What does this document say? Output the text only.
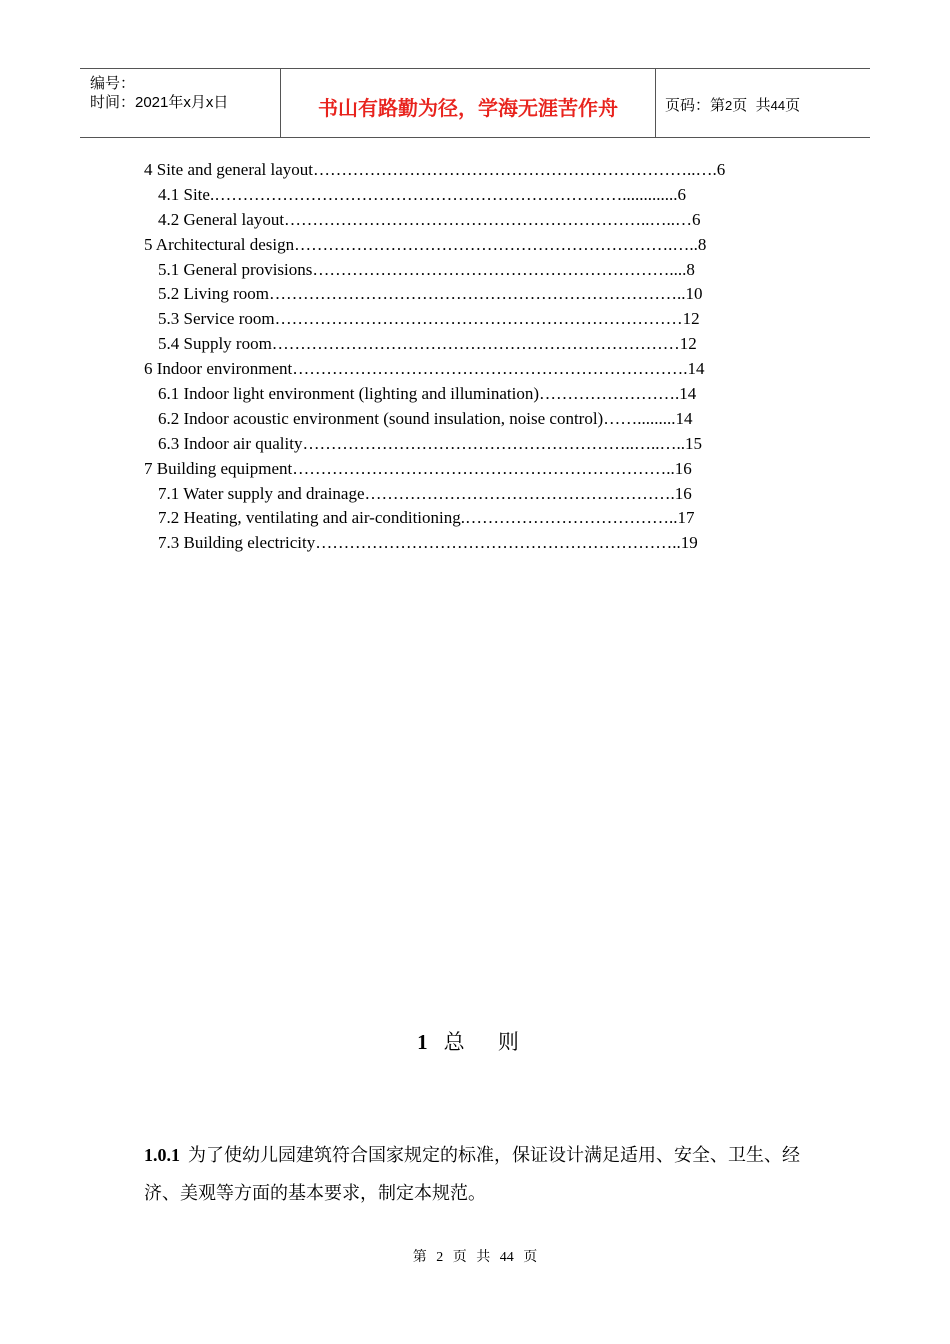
编号：
时间：2021年x月x日	书山有路勤为径，学海无涯苦作舟	页码：第2页  共44页
4 Site and general layout…………………………………………………………..….6
4.1 Site.……………………………………………………………….............6
4.2 General layout………………………………………………………..…..…6
5 Architectural design………………………………………………………….…..8
5.1 General provisions………………………………………………………....8
5.2 Living room………………………………………………………………..10
5.3 Service room………………………………………………………………12
5.4 Supply room………………………………………………………………12
6 Indoor environment…………………………………………………………….14
6.1 Indoor light environment (lighting and illumination)…………………….14
6.2 Indoor acoustic environment (sound insulation, noise control)…….........14
6.3 Indoor air quality…………………………………………………..…..…..15
7 Building equipment…………………………………………………………..16
7.1 Water supply and drainage……………………………………………….16
7.2 Heating, ventilating and air-conditioning.………………………………..17
7.3 Building electricity………………………………………………………..19
1 总 则
1.0.1 为了使幼儿园建筑符合国家规定的标准，保证设计满足适用、安全、卫生、经济、美观等方面的基本要求，制定本规范。
第 2 页 共 44 页
